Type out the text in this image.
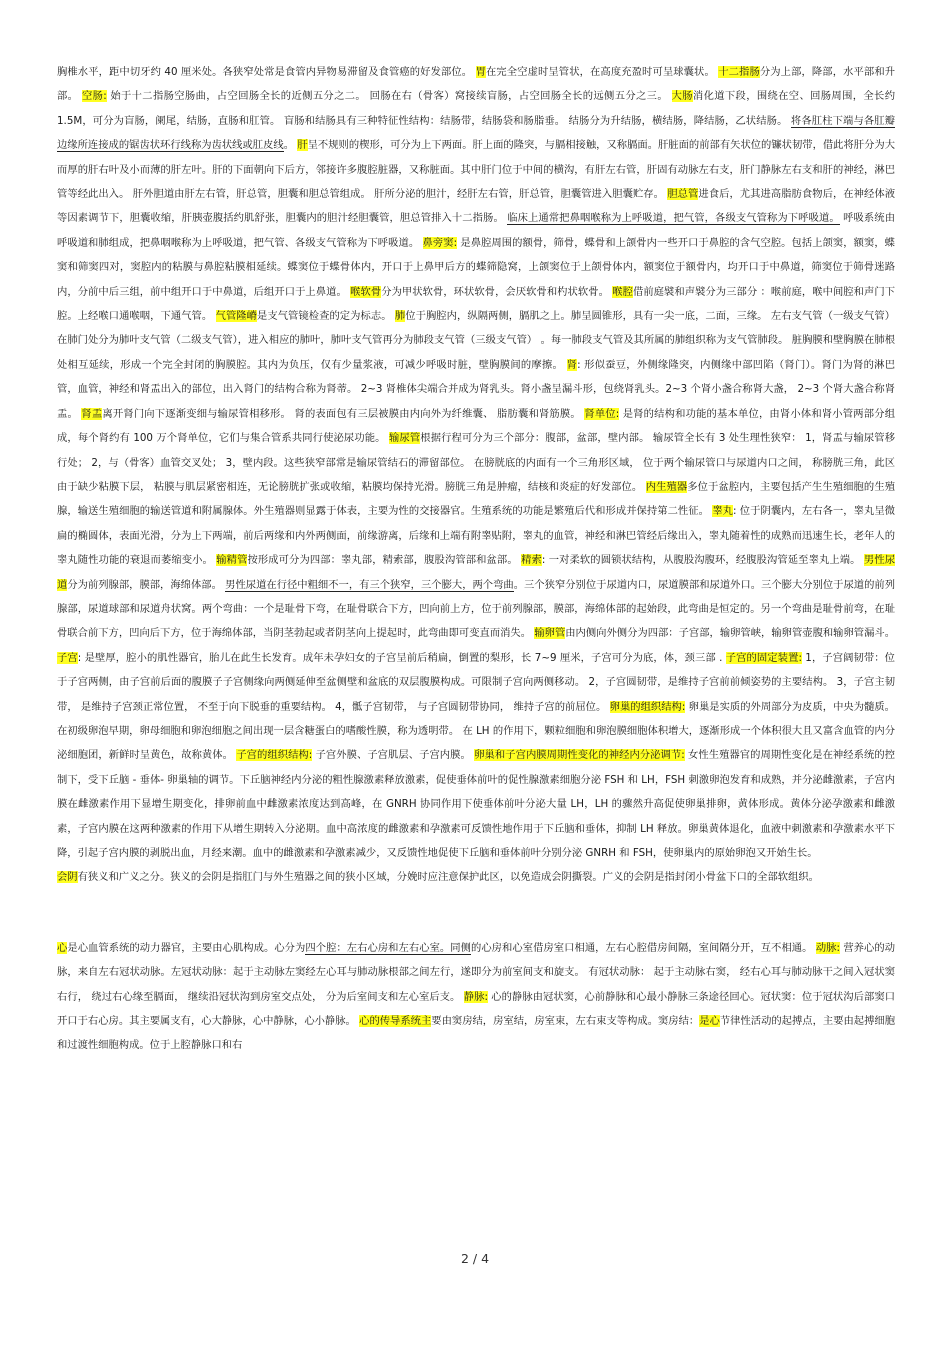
胸椎水平，距中切牙约 40 厘米处。各狭窄处常是食管内异物易滞留及食管癌的好发部位。 胃在完全空虚时呈管状，在高度充盈时可呈球囊状。 十二指肠分为上部，降部，水平部和升部。 空肠: 始于十二指肠空肠曲，占空回肠全长的近侧五分之二。 回肠在右（骨客）窝接续盲肠，占空回肠全长的远侧五分之三。 大肠消化道下段，围绕在空、回肠周围，全长约 1.5M，可分为盲肠，阑尾，结肠，直肠和肛管。 盲肠和结肠具有三种特征性结构：结肠带，结肠袋和肠脂垂。 结肠分为升结肠，横结肠，降结肠，乙状结肠。 将各肛柱下端与各肛瓣边缘所连接成的锯齿状环行线称为齿状线或肛皮线。 肝呈不规则的楔形，可分为上下两面。肝上面的隆突，与膈相接触，又称膈面。肝脏面的前部有矢状位的镰状韧带，借此将肝分为大而厚的肝右叶及小而薄的肝左叶。肝的下面朝向下后方，邻接许多腹腔脏器，又称脏面。其中肝门位于中间的横沟，有肝左右管，肝固有动脉左右支，肝门静脉左右支和肝的神经，淋巴管等经此出入。 肝外胆道由肝左右管，肝总管，胆囊和胆总管组成。 肝所分泌的胆汁，经肝左右管，肝总管，胆囊管进入胆囊贮存。 胆总管进食后，尤其进高脂肪食物后，在神经体液等因素调节下，胆囊收缩，肝胰壶腹括约肌舒张，胆囊内的胆汁经胆囊管，胆总管排入十二指肠。 临床上通常把鼻咽喉称为上呼吸道，把气管，各级支气管称为下呼吸道。 呼吸系统由呼吸道和肺组成，把鼻咽喉称为上呼吸道，把气管、各级支气管称为下呼吸道。 鼻旁窦: 是鼻腔周围的额骨，筛骨，蝶骨和上颌骨内一些开口于鼻腔的含气空腔。包括上颌窦，额窦，蝶窦和筛窦四对，窦腔内的粘膜与鼻腔粘膜相延续。蝶窦位于蝶骨体内，开口于上鼻甲后方的蝶筛隐窝，上颌窦位于上颌骨体内，额窦位于额骨内，均开口于中鼻道，筛窦位于筛骨迷路内，分前中后三组，前中组开口于中鼻道，后组开口于上鼻道。 喉软骨分为甲状软骨，环状软骨，会厌软骨和杓状软骨。 喉腔借前庭襞和声襞分为三部分 ：喉前庭，喉中间腔和声门下腔。上经喉口通喉咽，下通气管。 气管隆嵴是支气管镜检查的定为标志。 肺位于胸腔内，纵隔两侧，膈肌之上。肺呈圆锥形，具有一尖一底，二面，三缘。 左右支气管（一级支气管）在肺门处分为肺叶支气管（二级支气管），进入相应的肺叶，肺叶支气管再分为肺段支气管（三级支气管） 。每一肺段支气管及其所属的肺组织称为支气管肺段。 脏胸膜和壁胸膜在肺根处相互延续，形成一个完全封闭的胸膜腔。其内为负压，仅有少量浆液，可减少呼吸时脏，壁胸膜间的摩擦。 肾: 形似蚕豆，外侧缘隆突，内侧缘中部凹陷（肾门）。肾门为肾的淋巴管，血管，神经和肾盂出入的部位，出入肾门的结构合称为肾蒂。 2~3 肾椎体尖端合并成为肾乳头。肾小盏呈漏斗形，包绕肾乳头。2~3 个肾小盏合称肾大盏， 2~3 个肾大盏合称肾盂。 肾盂离开肾门向下逐渐变细与输尿管相移形。 肾的表面包有三层被膜由内向外为纤维囊、 脂肪囊和肾筋膜。 肾单位: 是肾的结构和功能的基本单位，由肾小体和肾小管两部分组成，每个肾约有 100 万个肾单位，它们与集合管系共同行使泌尿功能。 输尿管根据行程可分为三个部分：腹部，盆部，壁内部。 输尿管全长有 3 处生理性狭窄： 1，肾盂与输尿管移行处； 2，与（骨客）血管交叉处； 3，壁内段。这些狭窄部常是输尿管结石的滞留部位。 在膀胱底的内面有一个三角形区域， 位于两个输尿管口与尿道内口之间， 称膀胱三角，此区由于缺少粘膜下层， 粘膜与肌层紧密相连，无论膀胱扩张或收缩，粘膜均保持光滑。膀胱三角是肿瘤，结核和炎症的好发部位。 内生殖器多位于盆腔内，主要包括产生生殖细胞的生殖腺，输送生殖细胞的输送管道和附属腺体。外生殖器则显露于体表，主要为性的交接器官。生殖系统的功能是繁殖后代和形成并保持第二性征。 睾丸: 位于阴囊内，左右各一，睾丸呈微扁的椭圆体，表面光滑，分为上下两端，前后两缘和内外两侧面，前缘游离，后缘和上端有附睾贴附，睾丸的血管，神经和淋巴管经后缘出入，睾丸随着性的成熟而迅速生长，老年人的睾丸随性功能的衰退而萎缩变小。 输精管按形成可分为四部：睾丸部，精索部，腹股沟管部和盆部。 精索: 一对柔软的圆锁状结构，从腹股沟腹环，经腹股沟管延至睾丸上端。 男性尿道分为前列腺部，膜部，海绵体部。 男性尿道在行径中粗细不一，有三个狭窄，三个膨大，两个弯曲。三个狭窄分别位于尿道内口，尿道膜部和尿道外口。三个膨大分别位于尿道的前列腺部，尿道球部和尿道舟状窝。两个弯曲：一个是耻骨下弯，在耻骨联合下方，凹向前上方，位于前列腺部，膜部，海绵体部的起始段，此弯曲是恒定的。另一个弯曲是耻骨前弯，在耻骨联合前下方，凹向后下方，位于海绵体部，当阴茎勃起或者阴茎向上提起时，此弯曲即可变直而消失。 输卵管由内侧向外侧分为四部：子宫部，输卵管峡，输卵管壶腹和输卵管漏斗。 子宫: 是壁厚，腔小的肌性器官，胎儿在此生长发育。成年未孕妇女的子宫呈前后稍扁，倒置的梨形，长 7~9 厘米，子宫可分为底，体，颈三部 . 子宫的固定装置: 1，子宫阔韧带：位于子宫两侧，由子宫前后面的腹膜子子宫侧缘向两侧延伸至盆侧壁和盆底的双层腹膜构成。可限制子宫向两侧移动。 2，子宫圆韧带，是维持子宫前前倾姿势的主要结构。 3，子宫主韧带， 是维持子宫颈正常位置， 不至于向下脱垂的重要结构。 4，骶子宫韧带， 与子宫圆韧带协同， 维持子宫的前屈位。 卵巢的组织结构: 卵巢是实质的外周部分为皮质，中央为髓质。在初级卵泡早期，卵母细胞和卵泡细胞之间出现一层含糖蛋白的嗜酸性膜，称为透明带。 在 LH 的作用下，颗粒细胞和卵泡膜细胞体积增大，逐渐形成一个体积很大且又富含血管的内分泌细胞团，新鲜时呈黄色，故称黄体。 子宫的组织结构: 子宫外膜、子宫肌层、子宫内膜。 卵巢和子宫内膜周期性变化的神经内分泌调节: 女性生殖器官的周期性变化是在神经系统的控制下，受下丘脑 - 垂体- 卵巢轴的调节。下丘脑神经内分泌的粗性腺激素释放激素，促使垂体前叶的促性腺激素细胞分泌 FSH 和 LH，FSH 刺激卵泡发育和成熟，并分泌雌激素，子宫内膜在雌激素作用下显增生期变化，排卵前血中雌激素浓度达到高峰，在 GNRH 协同作用下使垂体前叶分泌大量 LH，LH 的骤然升高促使卵巢排卵，黄体形成。黄体分泌孕激素和雌激素，子宫内膜在这两种激素的作用下从增生期转入分泌期。血中高浓度的雌激素和孕激素可反馈性地作用于下丘脑和垂体，抑制 LH 释放。卵巢黄体退化，血液中刺激素和孕激素水平下降，引起子宫内膜的剥脱出血，月经来潮。血中的雌激素和孕激素减少，又反馈性地促使下丘脑和垂体前叶分别分泌 GNRH 和 FSH，使卵巢内的原始卵泡又开始生长。

会阴有狭义和广义之分。狭义的会阴是指肛门与外生殖器之间的狭小区域，分娩时应注意保护此区，以免造成会阴撕裂。广义的会阴是指封闭小骨盆下口的全部软组织。

心是心血管系统的动力器官，主要由心肌构成。心分为四个腔：左右心房和左右心室。同侧的心房和心室借房室口相通，左右心腔借房间隔，室间隔分开，互不相通。 动脉: 营养心的动脉，来自左右冠状动脉。左冠状动脉：起于主动脉左窦经左心耳与肺动脉根部之间左行，遂即分为前室间支和旋支。 有冠状动脉： 起于主动脉右窦， 经右心耳与肺动脉干之间入冠状窦右行， 绕过右心缘至膈面， 继续沿冠状沟到房室交点处， 分为后室间支和左心室后支。 静脉: 心的静脉由冠状窦，心前静脉和心最小静脉三条途径回心。冠状窦：位于冠状沟后部窦口开口于右心房。其主要属支有，心大静脉，心中静脉，心小静脉。 心的传导系统主要由窦房结，房室结，房室束，左右束支等构成。窦房结：是心节律性活动的起搏点，主要由起搏细胞和过渡性细胞构成。位于上腔静脉口和右

2 / 4
